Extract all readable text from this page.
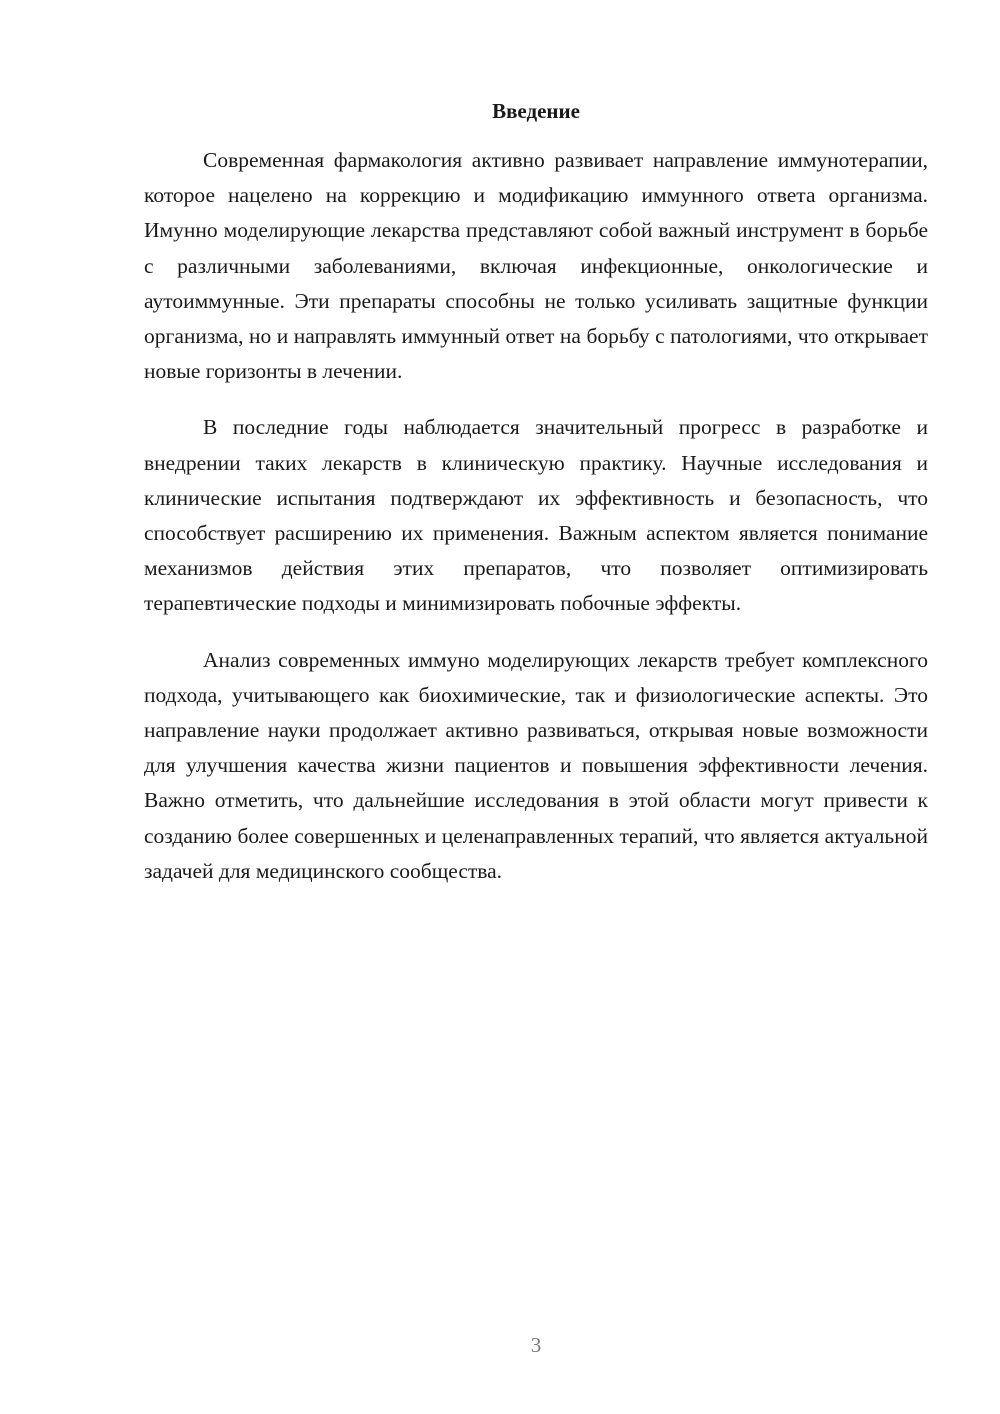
Введение

Современная фармакология активно развивает направление иммунотерапии, которое нацелено на коррекцию и модификацию иммунного ответа организма. Имунно моделирующие лекарства представляют собой важный инструмент в борьбе с различными заболеваниями, включая инфекционные, онкологические и аутоиммунные. Эти препараты способны не только усиливать защитные функции организма, но и направлять иммунный ответ на борьбу с патологиями, что открывает новые горизонты в лечении.

В последние годы наблюдается значительный прогресс в разработке и внедрении таких лекарств в клиническую практику. Научные исследования и клинические испытания подтверждают их эффективность и безопасность, что способствует расширению их применения. Важным аспектом является понимание механизмов действия этих препаратов, что позволяет оптимизировать терапевтические подходы и минимизировать побочные эффекты.

Анализ современных иммуно моделирующих лекарств требует комплексного подхода, учитывающего как биохимические, так и физиологические аспекты. Это направление науки продолжает активно развиваться, открывая новые возможности для улучшения качества жизни пациентов и повышения эффективности лечения. Важно отметить, что дальнейшие исследования в этой области могут привести к созданию более совершенных и целенаправленных терапий, что является актуальной задачей для медицинского сообщества.

3
